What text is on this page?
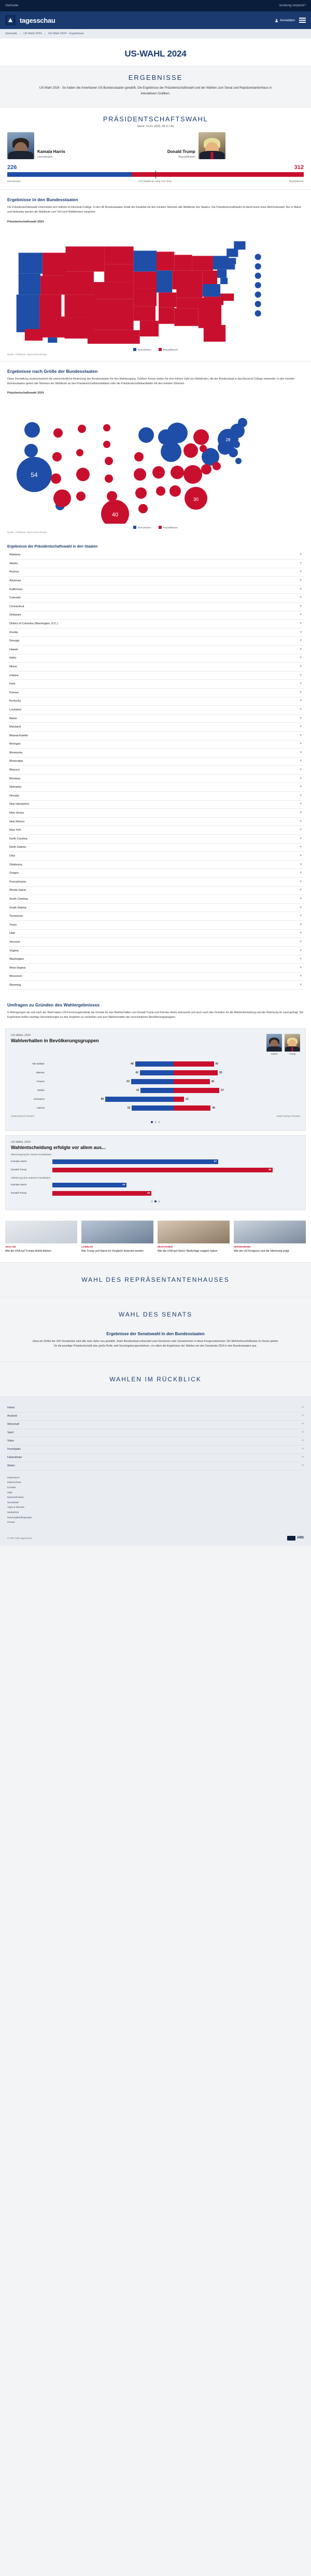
Startseite	Sendung verpasst?
tagesschau	Anmelden
Startseite › US-Wahl 2024 › US-Wahl 2024 – Ergebnisse
US-WAHL 2024
ERGEBNISSE
US-Wahl 2024 - So haben die Amerikaner US-Bundesstaaten gewählt. Die Ergebnisse der Präsidentschaftswahl und der Wahlen zum Senat und Repräsentantenhaus in interaktiven Grafiken.
PRÄSIDENTSCHAFTSWAHL
Stand: 20.01.2025, 08:11 Uhr
Kamala Harris
Demokraten
Donald Trump
Republikaner
226	312
Demokraten	270 Wahlleute nötig zum Sieg	Republikaner
Ergebnisse in den Bundesstaaten
Die Präsidentschaftswahl entscheidet sich indirekt im Electoral College. In den 48 Bundesstaaten erhält der Kandidat mit den meisten Stimmen alle Wahlleute des Staates. Die Präsidentschaftswahl ist damit keine reine Mehrheitswahl. Nur in Maine und Nebraska werden die Wahlleute zum Teil nach Wahlkreisen vergeben.
Präsidentschaftswahl 2024
Demokraten	Republikaner
Quelle: AP/Edison, eigene Berechnung
Ergebnisse nach Größe der Bundesstaaten
Diese Darstellung veränschaulicht die unterschiedliche Bedeutung der Bundesstaaten für den Wahlausgang. Größere Kreise stehen für eine höhere Zahl von Wahlleuten, die der Bundesstaat in das Electoral College entsendet. In den meisten Bundesstaaten gehen alle Stimmen der Wahlleute an den Präsidentschaftskandidaten oder die Präsidentschaftskandidatin mit den meisten Stimmen.
Präsidentschaftswahl 2024
54
40
30
28
Demokraten	Republikaner
Quelle: AP/Edison, eigene Berechnung
Ergebnisse der Präsidentschaftswahl in den Staaten
Alabama	˅
Alaska	˅
Arizona	˅
Arkansas	˅
Kalifornien	˅
Colorado	˅
Connecticut	˅
Delaware	˅
District of Columbia (Washington, D.C.)	˅
Florida	˅
Georgia	˅
Hawaii	˅
Idaho	˅
Illinois	˅
Indiana	˅
Iowa	˅
Kansas	˅
Kentucky	˅
Louisiana	˅
Maine	˅
Maryland	˅
Massachusetts	˅
Michigan	˅
Minnesota	˅
Mississippi	˅
Missouri	˅
Montana	˅
Nebraska	˅
Nevada	˅
New Hampshire	˅
New Jersey	˅
New Mexico	˅
New York	˅
North Carolina	˅
North Dakota	˅
Ohio	˅
Oklahoma	˅
Oregon	˅
Pennsylvania	˅
Rhode Island	˅
South Carolina	˅
South Dakota	˅
Tennessee	˅
Texas	˅
Utah	˅
Vermont	˅
Virginia	˅
Washington	˅
West Virginia	˅
Wisconsin	˅
Wyoming	˅
Umfragen zu Gründen des Wahlergebnisses
In Befragungen am und nach der Wahl haben US-Forschungsinstitute die Gründe für das Wahlverhalten von Donald Trump und Kamala Harris untersucht und auch nach den Gründen für die Wahlentscheidung und die Stimmung im Land gefragt. Die Ergebnisse helfen wichtige Verschiebungen zu den Vorjahren zu verstehen und zum Wahlverhalten der verschiedenen Bevölkerungsgruppen.
US-WAHL 2024
Wahlverhalten in Bevölkerungsgruppen
Harris	Trump
Alle Wähler	48	50
Männer	42	55
Frauen	53	45
Weiße	41	57
Schwarze	85	13
Latinos	52	46
Anteil Harris in Prozent	Anteil Trump in Prozent
US-WAHL 2024
Wahlentscheidung erfolgte vor allem aus...
Überzeugung für meinen Kandidaten
Kamala Harris	67
Donald Trump	89
Ablehnung des anderen Kandidaten
Kamala Harris	30
Donald Trump	40
ANALYSE
Wie die USA auf Trumps Antritt blicken
LIVEBLOG
Wie Trump und Harris im Vergleich bewertet werden
REAKTIONEN
Wie die USA auf Harris' Niederlage reagiert haben
HINTERGRUND
Wie der US-Kongress und die Stimmung prägt
WAHL DES REPRÄSENTANTENHAUSES
WAHL DES SENATS
Ergebnisse der Senatswahl in den Bundesstaaten
Etwa ein Drittel der 100 Senatssitze wird alle zwei Jahre neu gewählt. Jeder Bundesstaat entsendet zwei Senatoren oder Senatorinnen in diese Kongresskammer. Die Mehrheitsverhältnisse im Senat spielen für die jeweilige Präsidentschaft eine große Rolle, weil Gesetzgebungsverfahren, vor allem die Ergebnisse der Wahlen um den Senatssitz 2024 in den Bundesstaaten aus.
WAHLEN IM RÜCKBLICK
Inland	˅
Ausland	˅
Wirtschaft	˅
Sport	˅
Video	˅
Investigativ	˅
Faktenfinder	˅
Wetter	˅
Impressum
Datenschutz
Kontakt
Hilfe
Barrierefreiheit
Newsletter
Apps & Dienste
Mediathek
Nutzungsbedingungen
Presse
© ARD 2025 tagesschau	ARD
